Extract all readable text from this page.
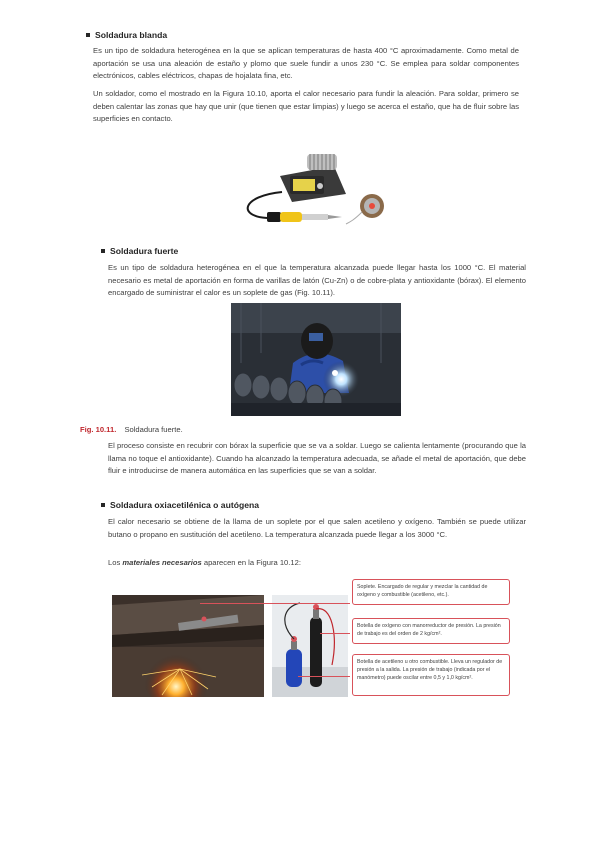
Soldadura blanda
Es un tipo de soldadura heterogénea en la que se aplican temperaturas de hasta 400 °C aproximadamente. Como metal de aportación se usa una aleación de estaño y plomo que suele fundir a unos 230 °C. Se emplea para soldar componentes electrónicos, cables eléctricos, chapas de hojalata fina, etc.
Un soldador, como el mostrado en la Figura 10.10, aporta el calor necesario para fundir la aleación. Para soldar, primero se deben calentar las zonas que hay que unir (que tienen que estar limpias) y luego se acerca el estaño, que ha de fluir sobre las superficies en contacto.
Soldadura fuerte
Es un tipo de soldadura heterogénea en el que la temperatura alcanzada puede llegar hasta los 1000 °C. El material necesario es metal de aportación en forma de varillas de latón (Cu-Zn) o de cobre-plata y antioxidante (bórax). El elemento encargado de suministrar el calor es un soplete de gas (Fig. 10.11).
Fig. 10.11. Soldadura fuerte.
El proceso consiste en recubrir con bórax la superficie que se va a soldar. Luego se calienta lentamente (procurando que la llama no toque el antioxidante). Cuando ha alcanzado la temperatura adecuada, se añade el metal de aportación, que debe fluir e introducirse de manera automática en las superficies que se van a soldar.
Soldadura oxiacetilénica o autógena
El calor necesario se obtiene de la llama de un soplete por el que salen acetileno y oxígeno. También se puede utilizar butano o propano en sustitución del acetileno. La temperatura alcanzada puede llegar a los 3000 °C.
Los materiales necesarios aparecen en la Figura 10.12:
Soplete. Encargado de regular y mezclar la cantidad de oxígeno y combustible (acetileno, etc.).
Botella de oxígeno con manorreductor de presión. La presión de trabajo es del orden de 2 kg/cm².
Botella de acetileno u otro combustible. Lleva un regulador de presión a la salida. La presión de trabajo (indicada por el manómetro) puede oscilar entre 0,5 y 1,0 kg/cm².
